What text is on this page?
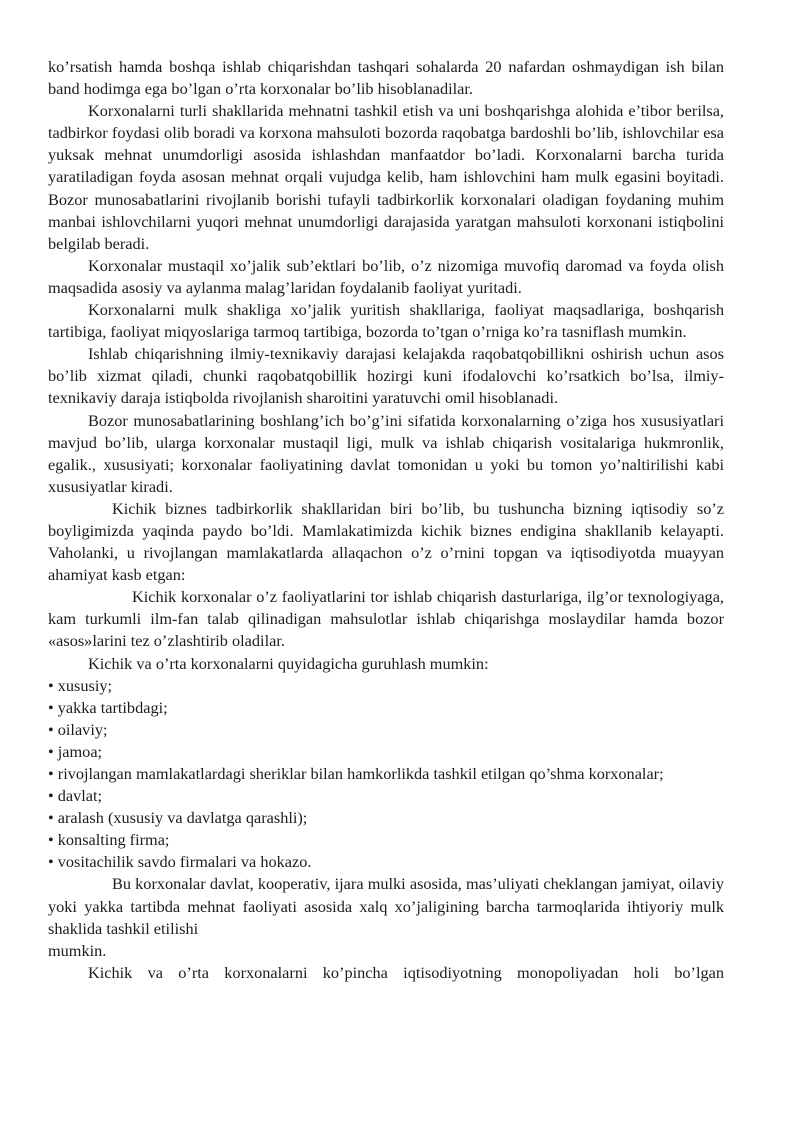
ko’rsatish hamda boshqa ishlab chiqarishdan tashqari sohalarda 20 nafardan oshmaydigan ish bilan band hodimga ega bo’lgan o’rta korxonalar bo’lib hisoblanadilar.

Korxonalarni turli shakllarida mehnatni tashkil etish va uni boshqarishga alohida e’tibor berilsa, tadbirkor foydasi olib boradi va korxona mahsuloti bozorda raqobatga bardoshli bo’lib, ishlovchilar esa yuksak mehnat unumdorligi asosida ishlashdan manfaatdor bo’ladi. Korxonalarni barcha turida yaratiladigan foyda asosan mehnat orqali vujudga kelib, ham ishlovchini ham mulk egasini boyitadi. Bozor munosabatlarini rivojlanib borishi tufayli tadbirkorlik korxonalari oladigan foydaning muhim manbai ishlovchilarni yuqori mehnat unumdorligi darajasida yaratgan mahsuloti korxonani istiqbolini belgilab beradi.

Korxonalar mustaqil xo’jalik sub’ektlari bo’lib, o’z nizomiga muvofiq daromad va foyda olish maqsadida asosiy va aylanma malag’laridan foydalanib faoliyat yuritadi.

Korxonalarni mulk shakliga xo’jalik yuritish shakllariga, faoliyat maqsadlariga, boshqarish tartibiga, faoliyat miqyoslariga tarmoq tartibiga, bozorda to’tgan o’rniga ko’ra tasniflash mumkin.

Ishlab chiqarishning ilmiy-texnikaviy darajasi kelajakda raqobatqobillikni oshirish uchun asos bo’lib xizmat qiladi, chunki raqobatqobillik hozirgi kuni ifodalovchi ko’rsatkich bo’lsa, ilmiy-texnikaviy daraja istiqbolda rivojlanish sharoitini yaratuvchi omil hisoblanadi.

Bozor munosabatlarining boshlang’ich bo’g’ini sifatida korxonalarning o’ziga hos xususiyatlari mavjud bo’lib, ularga korxonalar mustaqil ligi, mulk va ishlab chiqarish vositalariga hukmronlik, egalik., xususiyati; korxonalar faoliyatining davlat tomonidan u yoki bu tomon yo’naltirilishi kabi xususiyatlar kiradi.

Kichik biznes tadbirkorlik shakllaridan biri bo’lib, bu tushuncha bizning iqtisodiy so’z boyligimizda yaqinda paydo bo’ldi. Mamlakatimizda kichik biznes endigina shakllanib kelayapti. Vaholanki, u rivojlangan mamlakatlarda allaqachon o’z o’rnini topgan va iqtisodiyotda muayyan ahamiyat kasb etgan:

Kichik korxonalar o’z faoliyatlarini tor ishlab chiqarish dasturlariga, ilg’or texnologiyaga, kam turkumli ilm-fan talab qilinadigan mahsulotlar ishlab chiqarishga moslaydilar hamda bozor «asos»larini tez o’zlashtirib oladilar.

Kichik va o’rta korxonalarni quyidagicha guruhlash mumkin:

• xususiy;

• yakka tartibdagi;

• oilaviy;

• jamoa;

• rivojlangan mamlakatlardagi sheriklar bilan hamkorlikda tashkil etilgan qo’shma korxonalar;

• davlat;

• aralash (xususiy va davlatga qarashli);

• konsalting firma;

• vositachilik savdo firmalari va hokazo.

Bu korxonalar davlat, kooperativ, ijara mulki asosida, mas’uliyati cheklangan jamiyat, oilaviy yoki yakka tartibda mehnat faoliyati asosida xalq xo’jaligining barcha tarmoqlarida ihtiyoriy mulk shaklida tashkil etilishi

mumkin.

Kichik va o’rta korxonalarni ko’pincha iqtisodiyotning monopoliyadan holi bo’lgan
